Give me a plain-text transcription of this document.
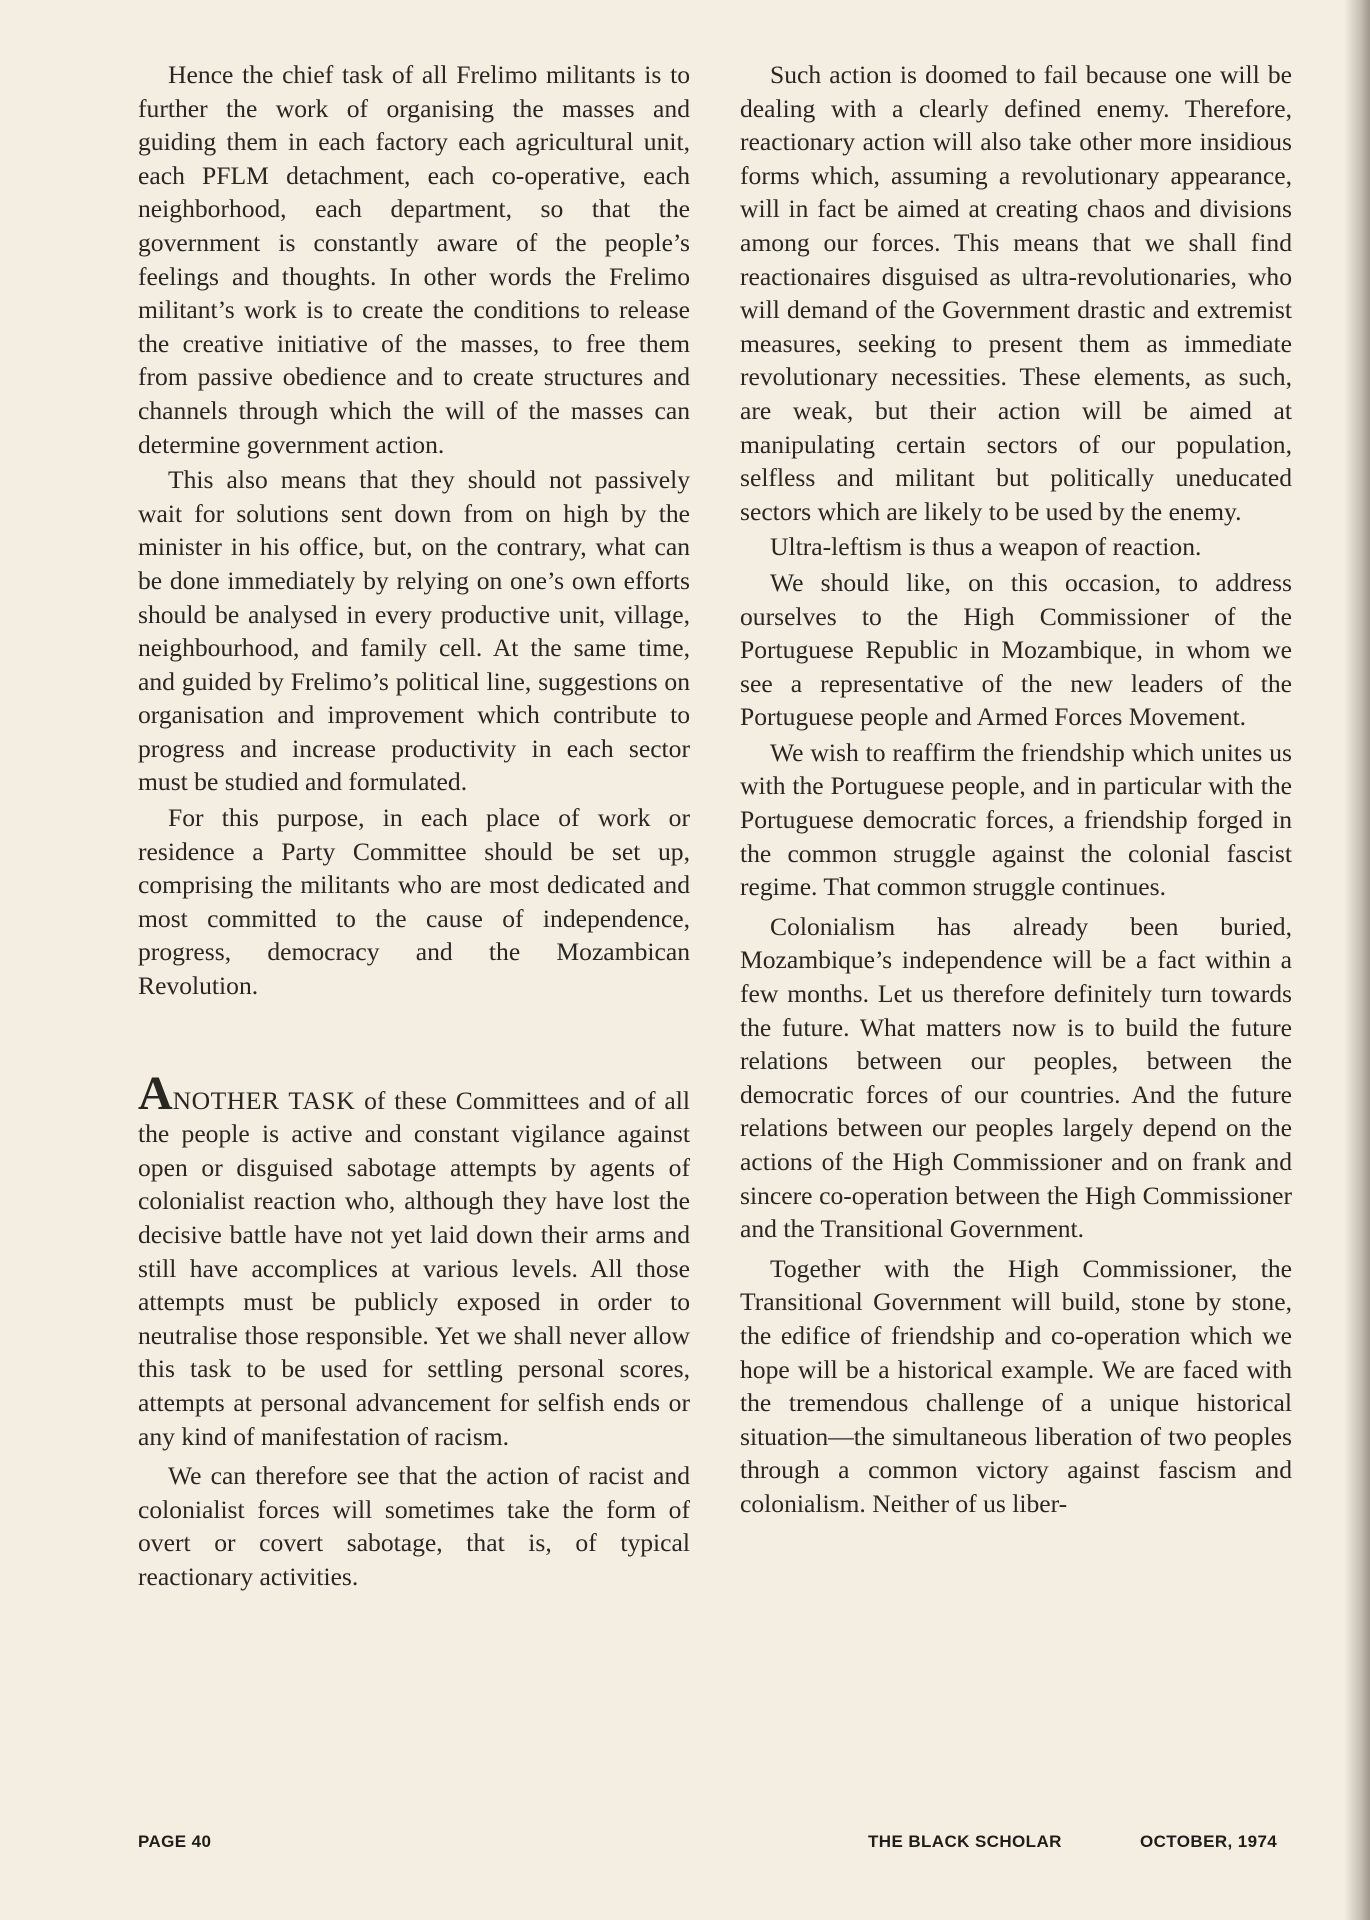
Hence the chief task of all Frelimo militants is to further the work of organising the masses and guiding them in each factory each agricultural unit, each PFLM detachment, each co-operative, each neighborhood, each department, so that the government is constantly aware of the people’s feelings and thoughts. In other words the Frelimo militant’s work is to create the conditions to release the creative initiative of the masses, to free them from passive obedience and to create structures and channels through which the will of the masses can determine government action.

This also means that they should not passively wait for solutions sent down from on high by the minister in his office, but, on the contrary, what can be done immediately by relying on one’s own efforts should be analysed in every productive unit, village, neighbourhood, and family cell. At the same time, and guided by Frelimo’s political line, suggestions on organisation and improvement which contribute to progress and increase productivity in each sector must be studied and formulated.

For this purpose, in each place of work or residence a Party Committee should be set up, comprising the militants who are most dedicated and most committed to the cause of independence, progress, democracy and the Mozambican Revolution.

ANOTHER TASK of these Committees and of all the people is active and constant vigilance against open or disguised sabotage attempts by agents of colonialist reaction who, although they have lost the decisive battle have not yet laid down their arms and still have accomplices at various levels. All those attempts must be publicly exposed in order to neutralise those responsible. Yet we shall never allow this task to be used for settling personal scores, attempts at personal advancement for selfish ends or any kind of manifestation of racism.

We can therefore see that the action of racist and colonialist forces will sometimes take the form of overt or covert sabotage, that is, of typical reactionary activities.

Such action is doomed to fail because one will be dealing with a clearly defined enemy. Therefore, reactionary action will also take other more insidious forms which, assuming a revolutionary appearance, will in fact be aimed at creating chaos and divisions among our forces. This means that we shall find reactionaires disguised as ultra-revolutionaries, who will demand of the Government drastic and extremist measures, seeking to present them as immediate revolutionary necessities. These elements, as such, are weak, but their action will be aimed at manipulating certain sectors of our population, selfless and militant but politically uneducated sectors which are likely to be used by the enemy.

Ultra-leftism is thus a weapon of reaction.

We should like, on this occasion, to address ourselves to the High Commissioner of the Portuguese Republic in Mozambique, in whom we see a representative of the new leaders of the Portuguese people and Armed Forces Movement.

We wish to reaffirm the friendship which unites us with the Portuguese people, and in particular with the Portuguese democratic forces, a friendship forged in the common struggle against the colonial fascist regime. That common struggle continues.

Colonialism has already been buried, Mozambique’s independence will be a fact within a few months. Let us therefore definitely turn towards the future. What matters now is to build the future relations between our peoples, between the democratic forces of our countries. And the future relations between our peoples largely depend on the actions of the High Commissioner and on frank and sincere co-operation between the High Commissioner and the Transitional Government.

Together with the High Commissioner, the Transitional Government will build, stone by stone, the edifice of friendship and co-operation which we hope will be a historical example. We are faced with the tremendous challenge of a unique historical situation—the simultaneous liberation of two peoples through a common victory against fascism and colonialism. Neither of us liber-

PAGE 40	THE BLACK SCHOLAR	OCTOBER, 1974
